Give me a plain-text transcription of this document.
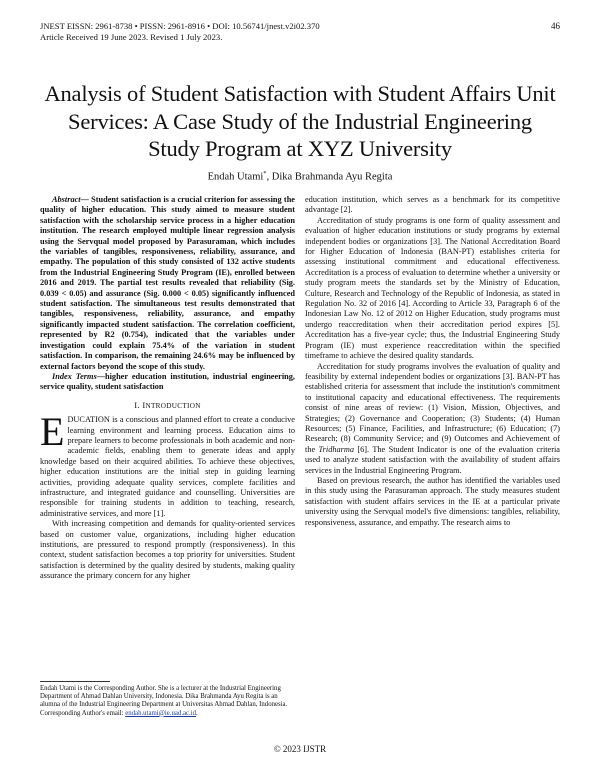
JNEST EISSN: 2961-8738 • PISSN: 2961-8916 • DOI: 10.56741/jnest.v2i02.370
Article Received 19 June 2023. Revised 1 July 2023.
46
Analysis of Student Satisfaction with Student Affairs Unit Services: A Case Study of the Industrial Engineering Study Program at XYZ University
Endah Utami*, Dika Brahmanda Ayu Regita

Abstract— Student satisfaction is a crucial criterion for assessing the quality of higher education. This study aimed to measure student satisfaction with the scholarship service process in a higher education institution. The research employed multiple linear regression analysis using the Servqual model proposed by Parasuraman, which includes the variables of tangibles, responsiveness, reliability, assurance, and empathy. The population of this study consisted of 132 active students from the Industrial Engineering Study Program (IE), enrolled between 2016 and 2019. The partial test results revealed that reliability (Sig. 0.039 < 0.05) and assurance (Sig. 0.000 < 0.05) significantly influenced student satisfaction. The simultaneous test results demonstrated that tangibles, responsiveness, reliability, assurance, and empathy significantly impacted student satisfaction. The correlation coefficient, represented by R2 (0.754), indicated that the variables under investigation could explain 75.4% of the variation in student satisfaction. In comparison, the remaining 24.6% may be influenced by external factors beyond the scope of this study.

Index Terms—higher education institution, industrial engineering, service quality, student satisfaction

I. INTRODUCTION

EDUCATION is a conscious and planned effort to create a conducive learning environment and learning process. Education aims to prepare learners to become professionals in both academic and non-academic fields, enabling them to generate ideas and apply knowledge based on their acquired abilities. To achieve these objectives, higher education institutions are the initial step in guiding learning activities, providing adequate quality services, complete facilities and infrastructure, and integrated guidance and counselling. Universities are responsible for training students in addition to teaching, research, administrative services, and more [1].

With increasing competition and demands for quality-oriented services based on customer value, organizations, including higher education institutions, are pressured to respond promptly (responsiveness). In this context, student satisfaction becomes a top priority for universities. Student satisfaction is determined by the quality desired by students, making quality assurance the primary concern for any higher

education institution, which serves as a benchmark for its competitive advantage [2].

Accreditation of study programs is one form of quality assessment and evaluation of higher education institutions or study programs by external independent bodies or organizations [3]. The National Accreditation Board for Higher Education of Indonesia (BAN-PT) establishes criteria for assessing institutional commitment and educational effectiveness. Accreditation is a process of evaluation to determine whether a university or study program meets the standards set by the Ministry of Education, Culture, Research and Technology of the Republic of Indonesia, as stated in Regulation No. 32 of 2016 [4]. According to Article 33, Paragraph 6 of the Indonesian Law No. 12 of 2012 on Higher Education, study programs must undergo reaccreditation when their accreditation period expires [5]. Accreditation has a five-year cycle; thus, the Industrial Engineering Study Program (IE) must experience reaccreditation within the specified timeframe to achieve the desired quality standards.

Accreditation for study programs involves the evaluation of quality and feasibility by external independent bodies or organizations [3]. BAN-PT has established criteria for assessment that include the institution's commitment to institutional capacity and educational effectiveness. The requirements consist of nine areas of review: (1) Vision, Mission, Objectives, and Strategies; (2) Governance and Cooperation; (3) Students; (4) Human Resources; (5) Finance, Facilities, and Infrastructure; (6) Education; (7) Research; (8) Community Service; and (9) Outcomes and Achievement of the Tridharma [6]. The Student Indicator is one of the evaluation criteria used to analyze student satisfaction with the availability of student affairs services in the Industrial Engineering Program.

Based on previous research, the author has identified the variables used in this study using the Parasuraman approach. The study measures student satisfaction with student affairs services in the IE at a particular private university using the Servqual model's five dimensions: tangibles, reliability, responsiveness, assurance, and empathy. The research aims to

Endah Utami is the Corresponding Author. She is a lecturer at the Industrial Engineering Department of Ahmad Dahlan University, Indonesia. Dika Brahmanda Ayu Regita is an alumna of the Industrial Engineering Department at Universitas Ahmad Dahlan, Indonesia. Corresponding Author's email: endah.utami@ie.uad.ac.id.
© 2023 IJSTR
